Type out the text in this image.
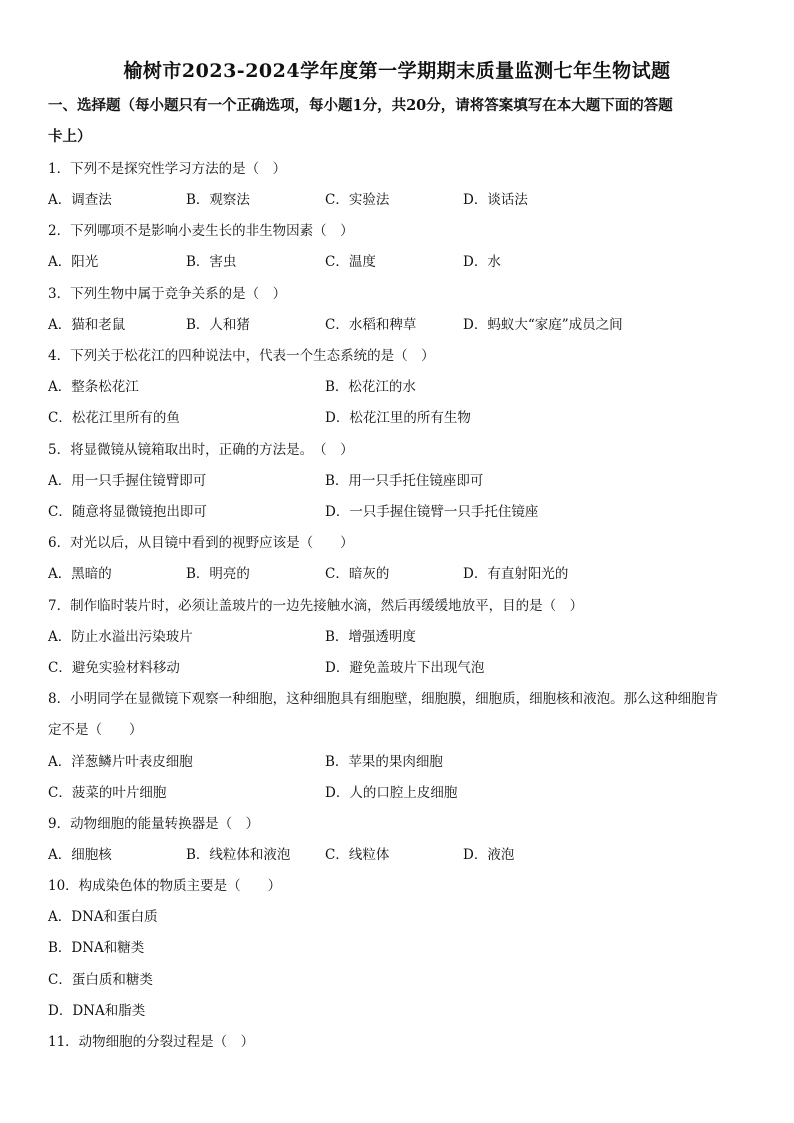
榆树市2023-2024学年度第一学期期末质量监测七年生物试题
一、选择题（每小题只有一个正确选项，每小题1分，共20分，请将答案填写在本大题下面的答题
卡上）
1．下列不是探究性学习方法的是（　）
A．调查法	B．观察法	C．实验法	D．谈话法
2．下列哪项不是影响小麦生长的非生物因素（　）
A．阳光	B．害虫	C．温度	D．水
3．下列生物中属于竞争关系的是（　）
A．猫和老鼠	B．人和猪	C．水稻和稗草	D．蚂蚁大“家庭”成员之间
4．下列关于松花江的四种说法中，代表一个生态系统的是（　）
A．整条松花江	B．松花江的水
C．松花江里所有的鱼	D．松花江里的所有生物
5．将显微镜从镜箱取出时，正确的方法是。　（　）
A．用一只手握住镜臂即可	B．用一只手托住镜座即可
C．随意将显微镜抱出即可	D．一只手握住镜臂一只手托住镜座
6．对光以后，从目镜中看到的视野应该是（　　）
A．黑暗的	B．明亮的	C．暗灰的	D．有直射阳光的
7．制作临时装片时，必须让盖玻片的一边先接触水滴，然后再缓缓地放平，目的是（　）
A．防止水溢出污染玻片	B．增强透明度
C．避免实验材料移动	D．避免盖玻片下出现气泡
8．小明同学在显微镜下观察一种细胞，这种细胞具有细胞壁，细胞膜，细胞质，细胞核和液泡。那么这种细胞肯
定不是（　　）
A．洋葱鳞片叶表皮细胞	B．苹果的果肉细胞
C．菠菜的叶片细胞	D．人的口腔上皮细胞
9．动物细胞的能量转换器是（　）
A．细胞核	B．线粒体和液泡	C．线粒体	D．液泡
10．构成染色体的物质主要是（　　）
A．DNA和蛋白质
B．DNA和糖类
C．蛋白质和糖类
D．DNA和脂类
11．动物细胞的分裂过程是（　）
